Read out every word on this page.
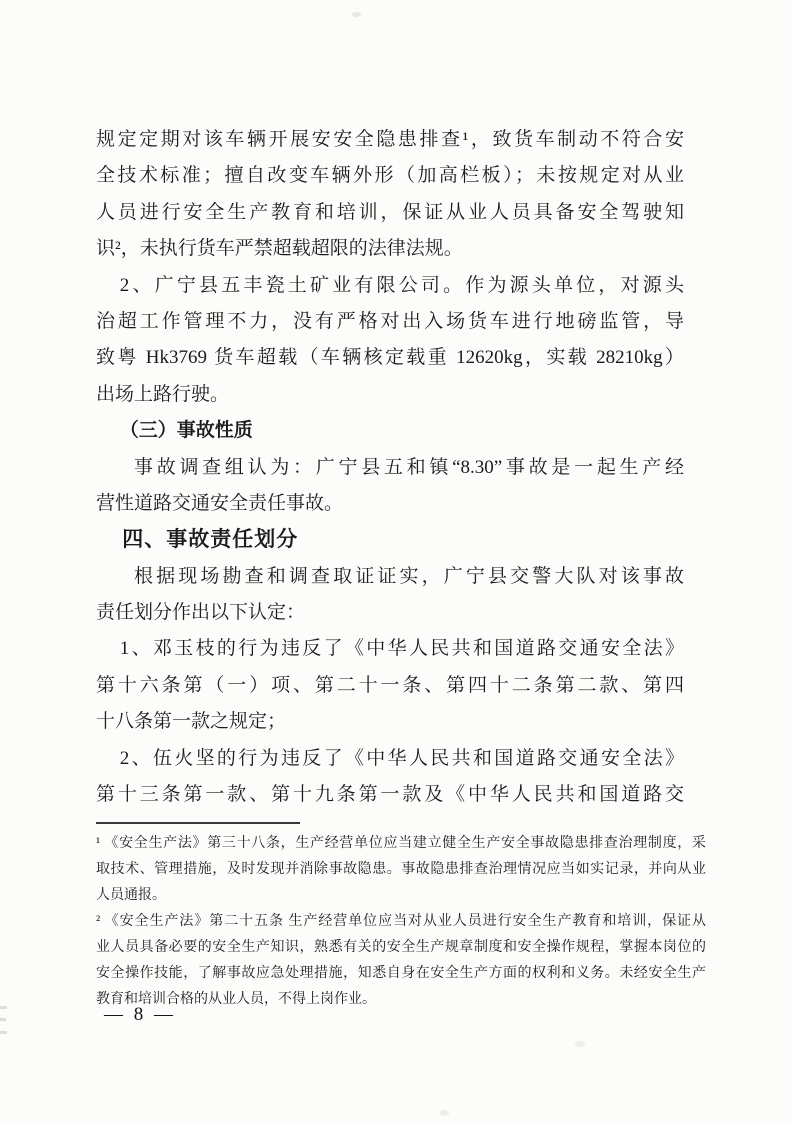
规定定期对该车辆开展安安全隐患排查¹，致货车制动不符合安
全技术标准；擅自改变车辆外形（加高栏板）；未按规定对从业
人员进行安全生产教育和培训，保证从业人员具备安全驾驶知
识²，未执行货车严禁超载超限的法律法规。
2、广宁县五丰瓷土矿业有限公司。作为源头单位，对源头
治超工作管理不力，没有严格对出入场货车进行地磅监管，导
致粤 Hk3769 货车超载（车辆核定载重 12620kg，实载 28210kg）
出场上路行驶。
（三）事故性质
事故调查组认为：广宁县五和镇“8.30”事故是一起生产经
营性道路交通安全责任事故。
四、事故责任划分
根据现场勘查和调查取证证实，广宁县交警大队对该事故
责任划分作出以下认定：
1、邓玉枝的行为违反了《中华人民共和国道路交通安全法》
第十六条第（一）项、第二十一条、第四十二条第二款、第四
十八条第一款之规定；
2、伍火坚的行为违反了《中华人民共和国道路交通安全法》
第十三条第一款、第十九条第一款及《中华人民共和国道路交
¹ 《安全生产法》第三十八条，生产经营单位应当建立健全生产安全事故隐患排查治理制度，采
取技术、管理措施，及时发现并消除事故隐患。事故隐患排查治理情况应当如实记录，并向从业
人员通报。
² 《安全生产法》第二十五条 生产经营单位应当对从业人员进行安全生产教育和培训，保证从
业人员具备必要的安全生产知识，熟悉有关的安全生产规章制度和安全操作规程，掌握本岗位的
安全操作技能，了解事故应急处理措施，知悉自身在安全生产方面的权利和义务。未经安全生产
教育和培训合格的从业人员，不得上岗作业。
— 8 —
